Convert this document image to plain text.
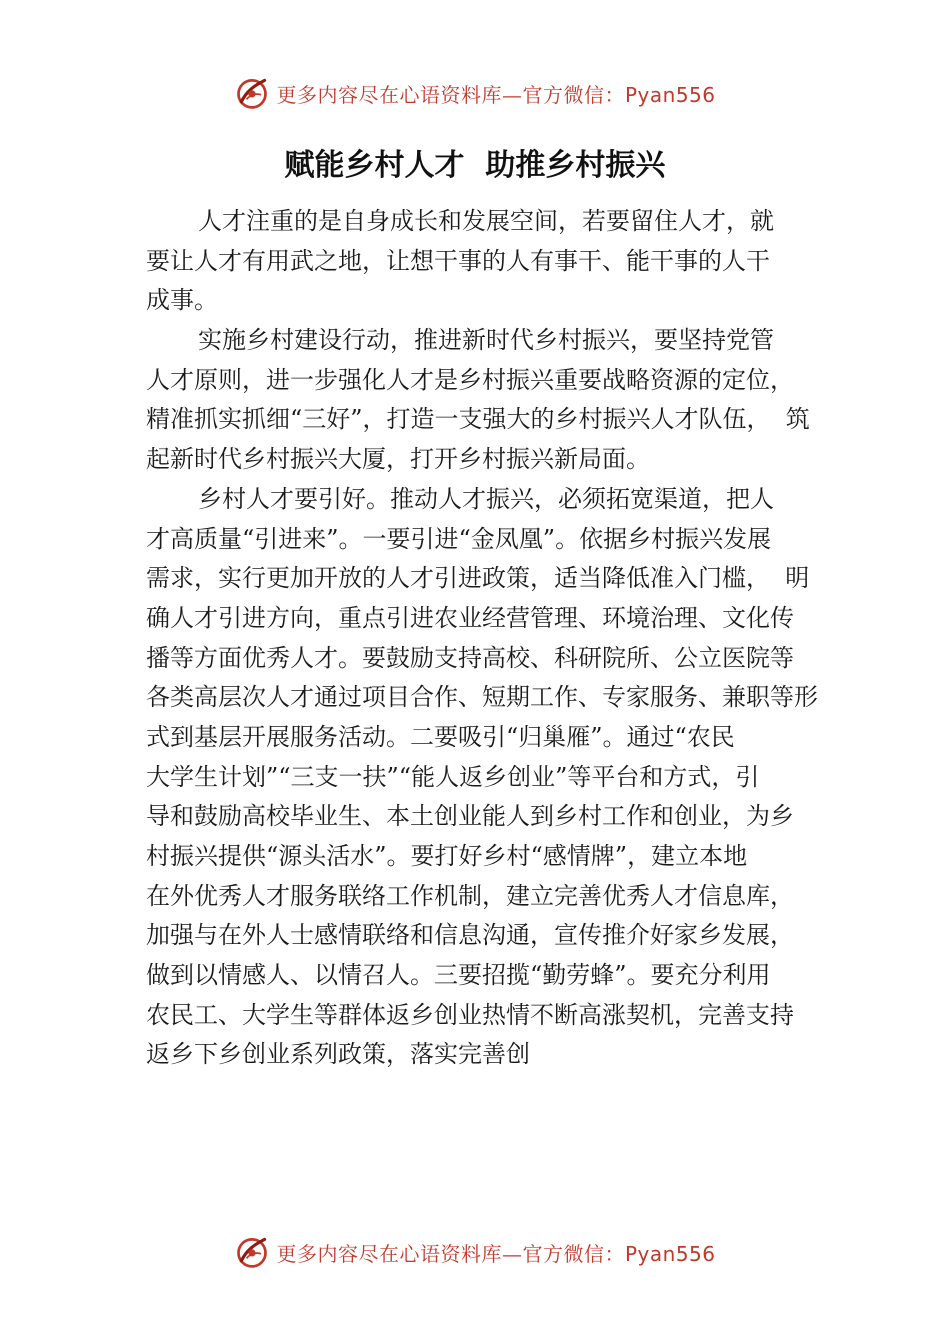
更多内容尽在心语资料库—官方微信：Pyan556
赋能乡村人才  助推乡村振兴
人才注重的是自身成长和发展空间，若要留住人才，就
要让人才有用武之地，让想干事的人有事干、能干事的人干
成事。
实施乡村建设行动，推进新时代乡村振兴，要坚持党管
人才原则，进一步强化人才是乡村振兴重要战略资源的定位，
精准抓实抓细“三好”，打造一支强大的乡村振兴人才队伍，  筑
起新时代乡村振兴大厦，打开乡村振兴新局面。
乡村人才要引好。推动人才振兴，必须拓宽渠道，把人
才高质量“引进来”。一要引进“金凤凰”。依据乡村振兴发展
需求，实行更加开放的人才引进政策，适当降低准入门槛，  明
确人才引进方向，重点引进农业经营管理、环境治理、文化传
播等方面优秀人才。要鼓励支持高校、科研院所、公立医院等
各类高层次人才通过项目合作、短期工作、专家服务、兼职等形
式到基层开展服务活动。二要吸引“归巢雁”。通过“农民
大学生计划”“三支一扶”“能人返乡创业”等平台和方式，引
导和鼓励高校毕业生、本土创业能人到乡村工作和创业，为乡
村振兴提供“源头活水”。要打好乡村“感情牌”，建立本地
在外优秀人才服务联络工作机制，建立完善优秀人才信息库，
加强与在外人士感情联络和信息沟通，宣传推介好家乡发展，
做到以情感人、以情召人。三要招揽“勤劳蜂”。要充分利用
农民工、大学生等群体返乡创业热情不断高涨契机，完善支持
返乡下乡创业系列政策，落实完善创
更多内容尽在心语资料库—官方微信：Pyan556
